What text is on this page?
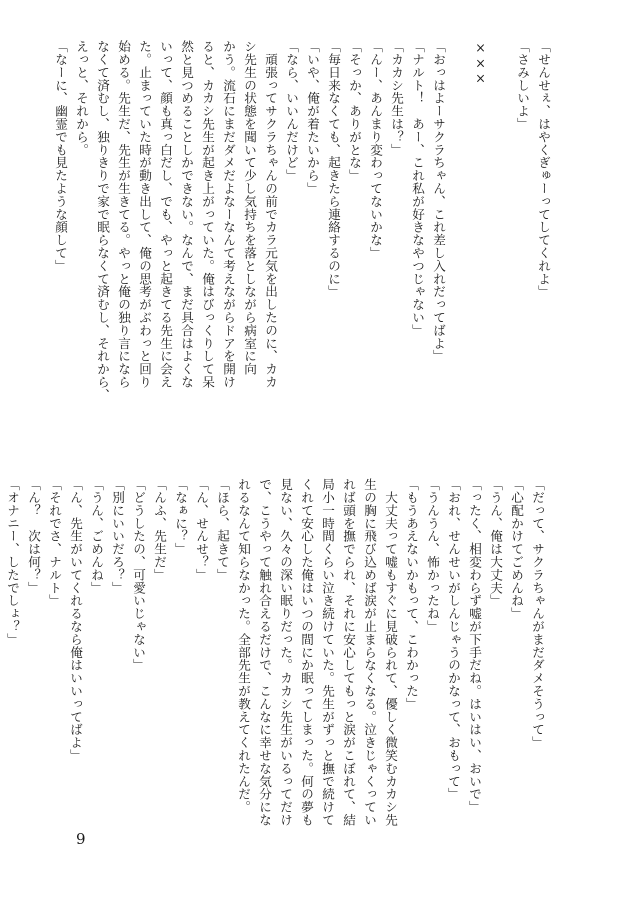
「せんせぇ、はやくぎゅーってしてくれよ」
「さみしいよ」

×××

「おっはよーサクラちゃん、これ差し入れだってばよ」
「ナルト！　あー、これ私が好きなやつじゃない」
「カカシ先生は？」
「んー、あんまり変わってないかな」
「そっか、ありがとな」
「毎日来なくても、起きたら連絡するのに」
「いや、俺が着たいから」
「なら、いいんだけど」
　頑張ってサクラちゃんの前でカラ元気を出したのに、カカ
シ先生の状態を聞いて少し気持ちを落としながら病室に向
かう。流石にまだダメだよなーなんて考えながらドアを開け
ると、カカシ先生が起き上がっていた。俺はびっくりして呆
然と見つめることしかできない。なんで、まだ具合はよくな
いって、顔も真っ白だし、でも、やっと起きてる先生に会え
た。止まっていた時が動き出して、俺の思考がぶわっと回り
始める。先生だ、先生が生きてる。やっと俺の独り言になら
なくて済むし、独りきりで家で眠らなくて済むし、それから、
えっと、それから。
「なーに、幽霊でも見たような顔して」
「だって、サクラちゃんがまだダメそうって」
「心配かけてごめんね」
「うん、俺は大丈夫」
「ったく、相変わらず嘘が下手だね。はいはい、おいで」
「おれ、せんせいがしんじゃうのかなって、おもって」
「うんうん、怖かったね」
「もうあえないかもって、こわかった」
　大丈夫って嘘もすぐに見破られて、優しく微笑むカカシ先
生の胸に飛び込めば涙が止まらなくなる。泣きじゃくってい
れば頭を撫でられ、それに安心してもっと涙がこぼれて、結
局小一時間くらい泣き続けていた。先生がずっと撫で続けて
くれて安心した俺はいつの間にか眠ってしまった。何の夢も
見ない、久々の深い眠りだった。カカシ先生がいるってだけ
で、こうやって触れ合えるだけで、こんなに幸せな気分にな
れるなんて知らなかった。全部先生が教えてくれたんだ。
「ほら、起きて」
「ん、せんせ？」
「なぁに？」
「んふ、先生だ」
「どうしたの、可愛いじゃない」
「別にいいだろ？」
「うん、ごめんね」
「ん、先生がいてくれるなら俺はいいってばよ」
「それでさ、ナルト」
「ん？　次は何？」
「オナニー、したでしょ？」
9
